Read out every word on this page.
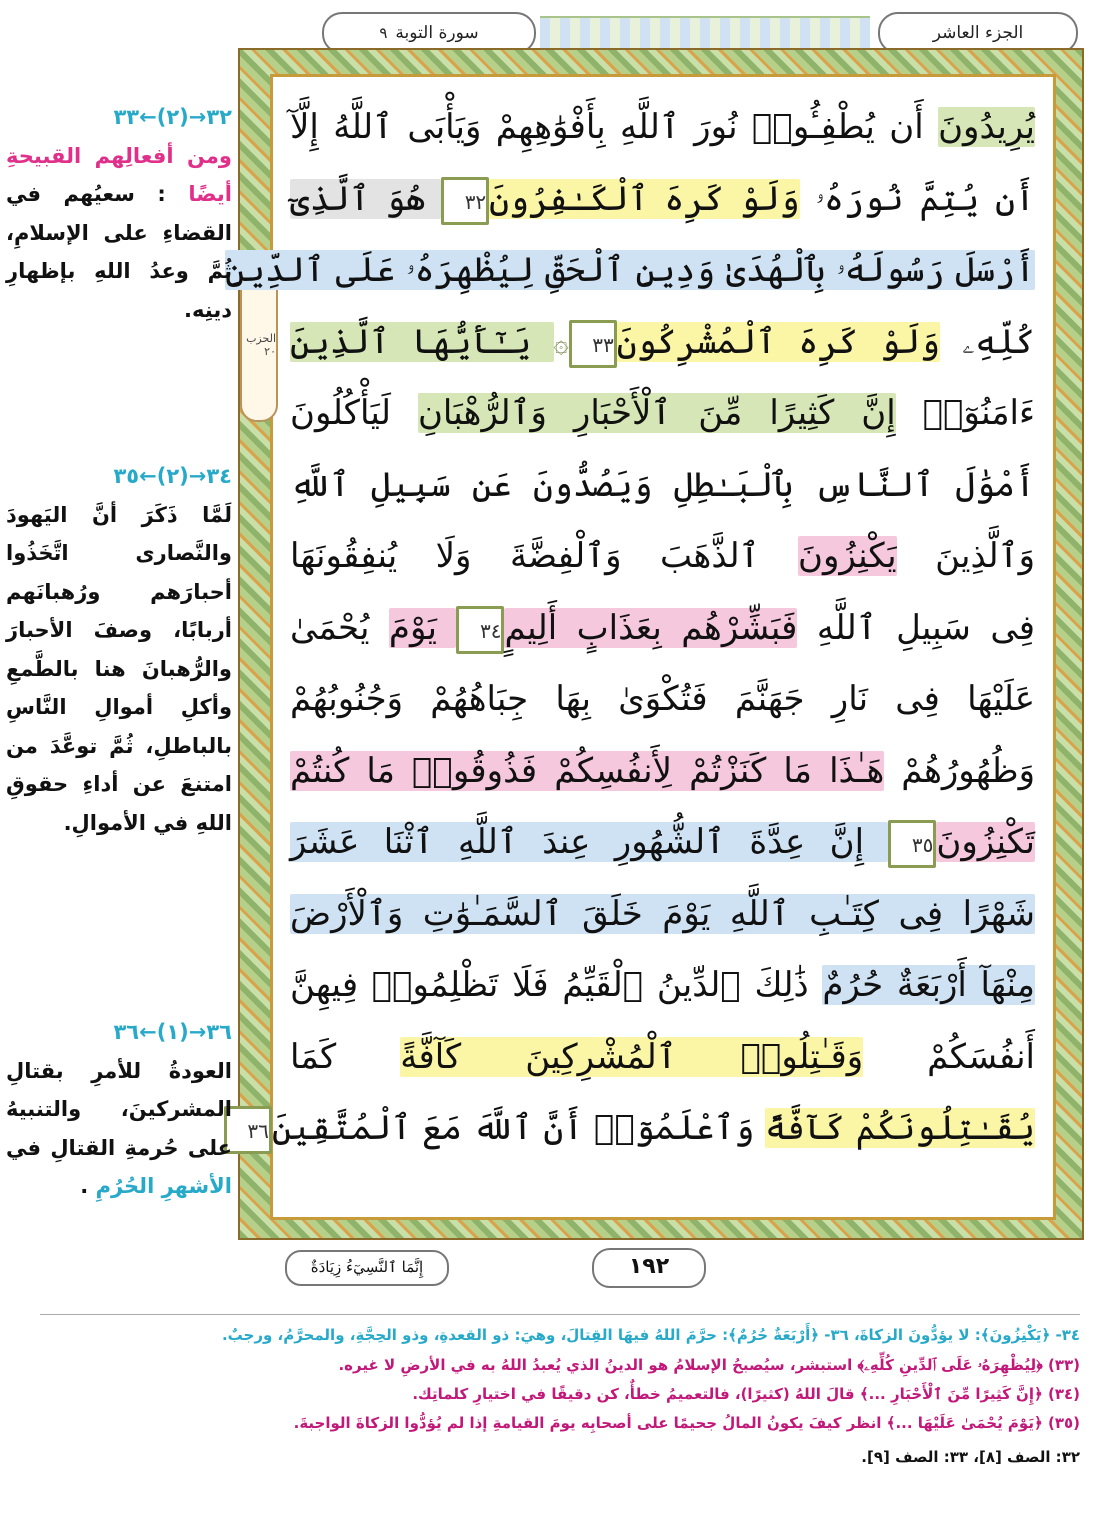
الجزء العاشر
سورة التوبة
٩
الحزب ٢٠
يُرِيدُونَ أَن يُطْفِـُٔوا۟ نُورَ ٱللَّهِ بِأَفْوَٰهِهِمْ وَيَأْبَى ٱللَّهُ إِلَّآ
أَن يُتِمَّ نُورَهُۥ وَلَوْ كَرِهَ ٱلْكَـٰفِرُونَ٣٢ هُوَ ٱلَّذِىٓ
أَرْسَلَ رَسُولَهُۥ بِٱلْهُدَىٰ وَدِينِ ٱلْحَقِّ لِيُظْهِرَهُۥ عَلَى ٱلدِّينِ
كُلِّهِۦ وَلَوْ كَرِهَ ٱلْمُشْرِكُونَ٣٣۞ يَـٰٓأَيُّهَا ٱلَّذِينَ
ءَامَنُوٓا۟ إِنَّ كَثِيرًا مِّنَ ٱلْأَحْبَارِ وَٱلرُّهْبَانِ لَيَأْكُلُونَ
أَمْوَٰلَ ٱلنَّاسِ بِٱلْبَـٰطِلِ وَيَصُدُّونَ عَن سَبِيلِ ٱللَّهِ
وَٱلَّذِينَ يَكْنِزُونَ ٱلذَّهَبَ وَٱلْفِضَّةَ وَلَا يُنفِقُونَهَا
فِى سَبِيلِ ٱللَّهِ فَبَشِّرْهُم بِعَذَابٍ أَلِيمٍ٣٤ يَوْمَ يُحْمَىٰ
عَلَيْهَا فِى نَارِ جَهَنَّمَ فَتُكْوَىٰ بِهَا جِبَاهُهُمْ وَجُنُوبُهُمْ
وَظُهُورُهُمْ هَـٰذَا مَا كَنَزْتُمْ لِأَنفُسِكُمْ فَذُوقُوا۟ مَا كُنتُمْ
تَكْنِزُونَ٣٥ إِنَّ عِدَّةَ ٱلشُّهُورِ عِندَ ٱللَّهِ ٱثْنَا عَشَرَ
شَهْرًا فِى كِتَـٰبِ ٱللَّهِ يَوْمَ خَلَقَ ٱلسَّمَـٰوَٰتِ وَٱلْأَرْضَ
مِنْهَآ أَرْبَعَةٌ حُرُمٌ ذَٰلِكَ ٱلدِّينُ ٱلْقَيِّمُ فَلَا تَظْلِمُوا۟ فِيهِنَّ
أَنفُسَكُمْ وَقَـٰتِلُوا۟ ٱلْمُشْرِكِينَ كَآفَّةً كَمَا
يُقَـٰتِلُونَكُمْ كَآفَّةً وَٱعْلَمُوٓا۟ أَنَّ ٱللَّهَ مَعَ ٱلْمُتَّقِينَ٣٦
٣٢→(٢)←٣٣
ومن أفعالِهم القبيحةِ أيضًا : سعيُهم في القضاءِ على الإسلامِ، ثُمَّ وعدُ اللهِ بإظهارِ دينِه.
٣٤→(٢)←٣٥
لَمَّا ذَكَرَ أنَّ اليَهودَ والنَّصارى اتَّخَذُوا أحبارَهم ورُهبانَهم أربابًا، وصفَ الأحبارَ والرُّهبانَ هنا بالطَّمعِ وأكلِ أموالِ النَّاسِ بالباطلِ، ثُمَّ توعَّدَ من امتنعَ عن أداءِ حقوقِ اللهِ في الأموالِ.
٣٦→(١)←٣٦
العودةُ للأمرِ بقتالِ المشركينَ، والتنبيهُ على حُرمةِ القتالِ في الأشهرِ الحُرُمِ .
إِنَّمَا ٱلنَّسِيٓءُ زِيَادَةٌ	١٩٢
٣٤- ﴿يَكْنِزُونَ﴾: لا يؤدُّونَ الزكاةَ، ٣٦- ﴿أَرْبَعَةٌ حُرُمٌ﴾: حرَّمَ اللهُ فيهَا القِتالَ، وهيَ: ذو القعدةِ، وذو الحِجَّةِ، والمحرَّمُ، ورجبٌ.
(٣٣) ﴿لِيُظْهِرَهُۥ عَلَى ٱلدِّينِ كُلِّهِۦ﴾ استبشر، سيُصبحُ الإسلامُ هو الدينُ الذي يُعبدُ اللهُ به في الأرضِ لا غيره.
(٣٤) ﴿إِنَّ كَثِيرًا مِّنَ ٱلْأَحْبَارِ ...﴾ قالَ اللهُ (كثيرًا)، فالتعميمُ خطأٌ، كن دقيقًا في اختيارِ كلماتِك.
(٣٥) ﴿يَوْمَ يُحْمَىٰ عَلَيْهَا ...﴾ انظر كيفَ يكونُ المالُ جحيمًا على أصحابِه يومَ القيامةِ إذا لم يُؤدُّوا الزكاةَ الواجبةَ.
٣٢: الصف [٨]، ٣٣: الصف [٩].
